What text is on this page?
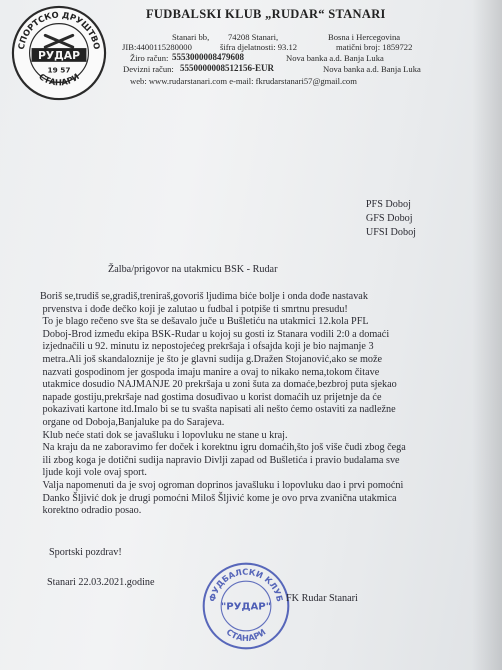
СПОРТСКО ДРУШТВО
СТАНАРИ
РУДАР
19 57
FUDBALSKI KLUB „RUDAR“ STANARI
Stanari bb, 74208 Stanari,	Bosna i Hercegovina
JIB:4400115280000	šifra djelatnosti: 93.12	matični broj: 1859722
Žiro račun: 5553000008479608	Nova banka a.d. Banja Luka
Devizni račun: 5550000008512156-EUR	Nova banka a.d. Banja Luka
web: www.rudarstanari.com e-mail: fkrudarstanari57@gmail.com
PFS Doboj
GFS Doboj
UFSI Doboj
Žalba/prigovor na utakmicu BSK - Rudar

Boriš se,trudiš se,gradiš,treniraš,govoriš ljudima biće bolje i onda dođe nastavak
prvenstva i dođe dečko koji je zalutao u fudbal i potpiše ti smrtnu presudu!

To je blago rečeno sve šta se dešavalo juče u Bušletiću na utakmici 12.kola PFL
Doboj-Brod između ekipa BSK-Rudar u kojoj su gosti iz Stanara vodili 2:0 a domaći
izjednačili u 92. minutu iz nepostojećeg prekršaja i ofsajda koji je bio najmanje 3
metra.Ali još skandaloznije je što je glavni sudija g.Dražen Stojanović,ako se može
nazvati gospodinom jer gospoda imaju manire a ovaj to nikako nema,tokom čitave
utakmice dosudio NAJMANJE 20 prekršaja u zoni šuta za domaće,bezbroj puta sjekao
napade gostiju,prekršaje nad gostima dosuđivao u korist domaćih uz prijetnje da će
pokazivati kartone itd.Imalo bi se tu svašta napisati ali nešto ćemo ostaviti za nadležne
organe od Doboja,Banjaluke pa do Sarajeva.

Klub neće stati dok se javašluku i lopovluku ne stane u kraj.

Na kraju da ne zaboravimo fer doček i korektnu igru domaćih,što još više čudi zbog čega
ili zbog koga je dotični sudija napravio Divlji zapad od Bušletića i pravio budalama sve
ljude koji vole ovaj sport.

Valja napomenuti da je svoj ogroman doprinos javašluku i lopovluku dao i prvi pomoćni
Danko Šljivić dok je drugi pomoćni Miloš Šljivić kome je ovo prva zvanična utakmica
korektno odradio posao.

Sportski pozdrav!
Stanari 22.03.2021.godine
ФУДБАЛСКИ КЛУБ
СТАНАРИ
"РУДАР"
FK Rudar Stanari
